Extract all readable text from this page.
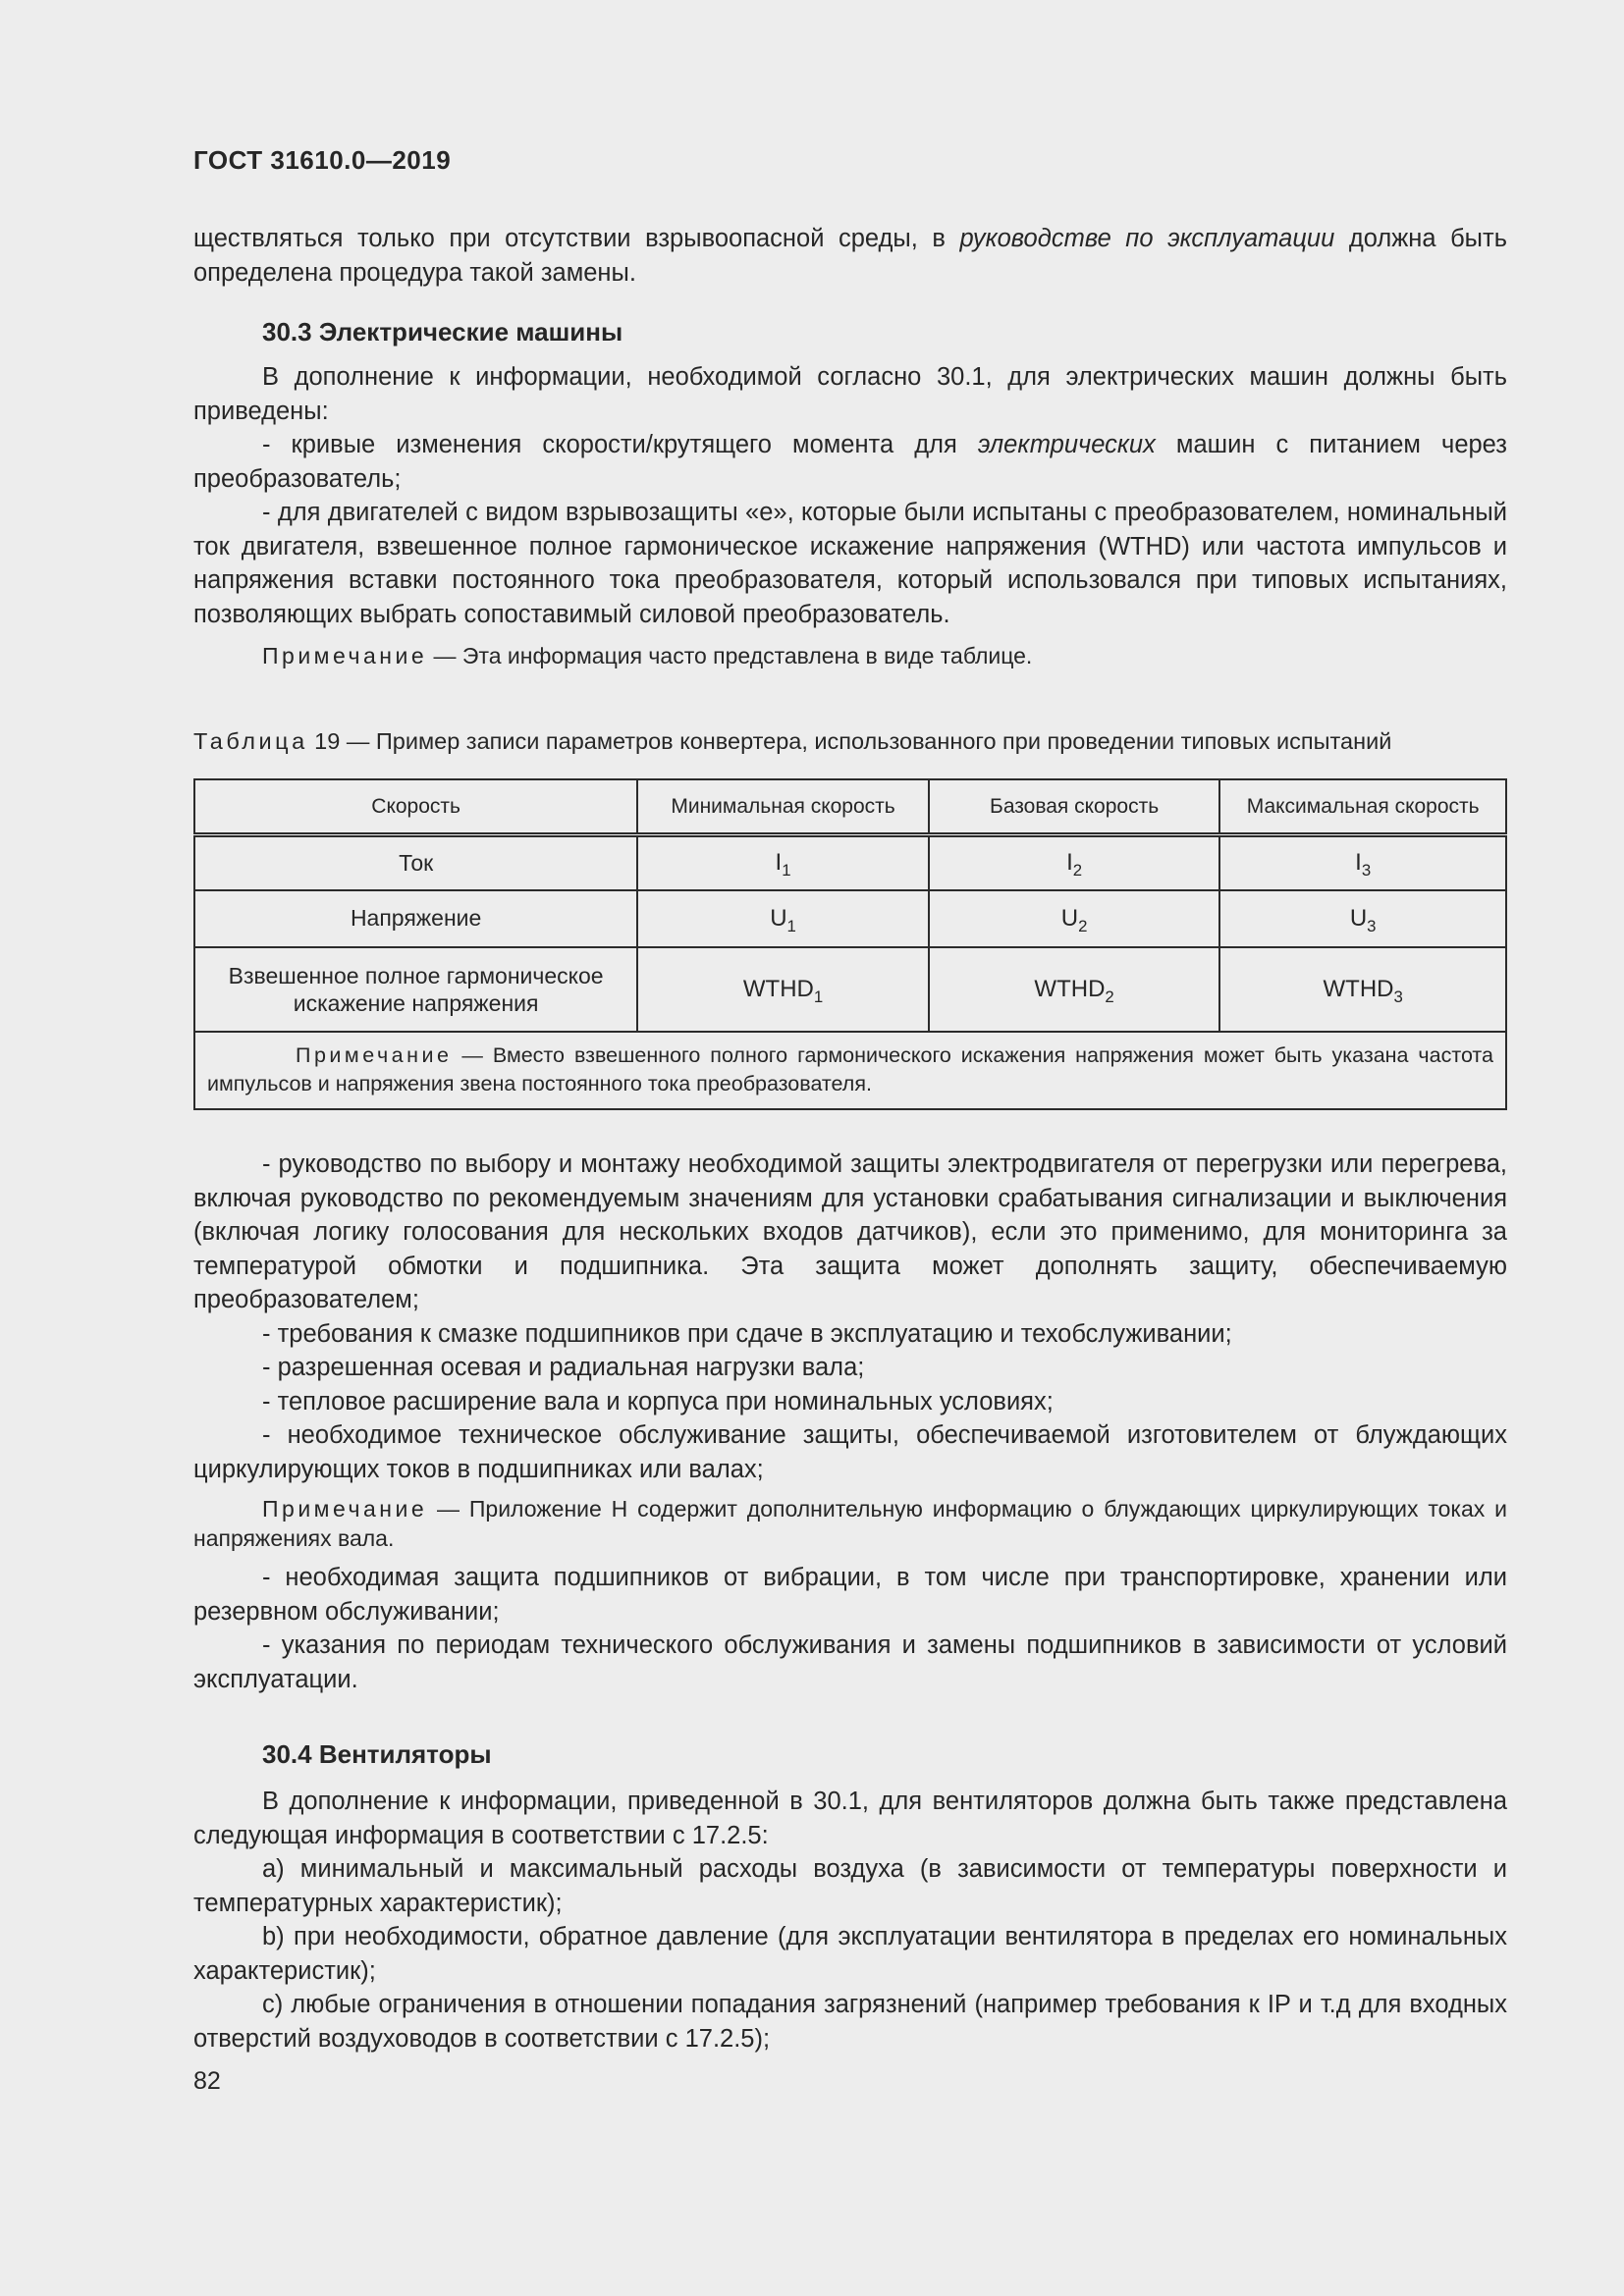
ГОСТ 31610.0—2019

ществляться только при отсутствии взрывоопасной среды, в руководстве по эксплуатации должна быть определена процедура такой замены.

30.3 Электрические машины

В дополнение к информации, необходимой согласно 30.1, для электрических машин должны быть приведены:

- кривые изменения скорости/крутящего момента для электрических машин с питанием через преобразователь;

- для двигателей с видом взрывозащиты «е», которые были испытаны с преобразователем, номинальный ток двигателя, взвешенное полное гармоническое искажение напряжения (WTHD) или частота импульсов и напряжения вставки постоянного тока преобразователя, который использовался при типовых испытаниях, позволяющих выбрать сопоставимый силовой преобразователь.

Примечание — Эта информация часто представлена в виде таблице.

Таблица 19 — Пример записи параметров конвертера, использованного при проведении типовых испытаний
Скорость	Минимальная скорость	Базовая скорость	Максимальная скорость
Ток	$I_1$	$I_2$	$I_3$
Напряжение	$U_1$	$U_2$	$U_3$
Взвешенное полное гармоническое искажение напряжения	$WTHD_1$	$WTHD_2$	$WTHD_3$
Примечание — Вместо взвешенного полного гармонического искажения напряжения может быть указана частота импульсов и напряжения звена постоянного тока преобразователя.			

- руководство по выбору и монтажу необходимой защиты электродвигателя от перегрузки или перегрева, включая руководство по рекомендуемым значениям для установки срабатывания сигнализации и выключения (включая логику голосования для нескольких входов датчиков), если это применимо, для мониторинга за температурой обмотки и подшипника. Эта защита может дополнять защиту, обеспечиваемую преобразователем;

- требования к смазке подшипников при сдаче в эксплуатацию и техобслуживании;

- разрешенная осевая и радиальная нагрузки вала;

- тепловое расширение вала и корпуса при номинальных условиях;

- необходимое техническое обслуживание защиты, обеспечиваемой изготовителем от блуждающих циркулирующих токов в подшипниках или валах;

Примечание — Приложение Н содержит дополнительную информацию о блуждающих циркулирующих токах и напряжениях вала.

- необходимая защита подшипников от вибрации, в том числе при транспортировке, хранении или резервном обслуживании;

- указания по периодам технического обслуживания и замены подшипников в зависимости от условий эксплуатации.

30.4 Вентиляторы

В дополнение к информации, приведенной в 30.1, для вентиляторов должна быть также представлена следующая информация в соответствии с 17.2.5:

а) минимальный и максимальный расходы воздуха (в зависимости от температуры поверхности и температурных характеристик);

b) при необходимости, обратное давление (для эксплуатации вентилятора в пределах его номинальных характеристик);

с) любые ограничения в отношении попадания загрязнений (например требования к IP и т.д для входных отверстий воздуховодов в соответствии с 17.2.5);

82
